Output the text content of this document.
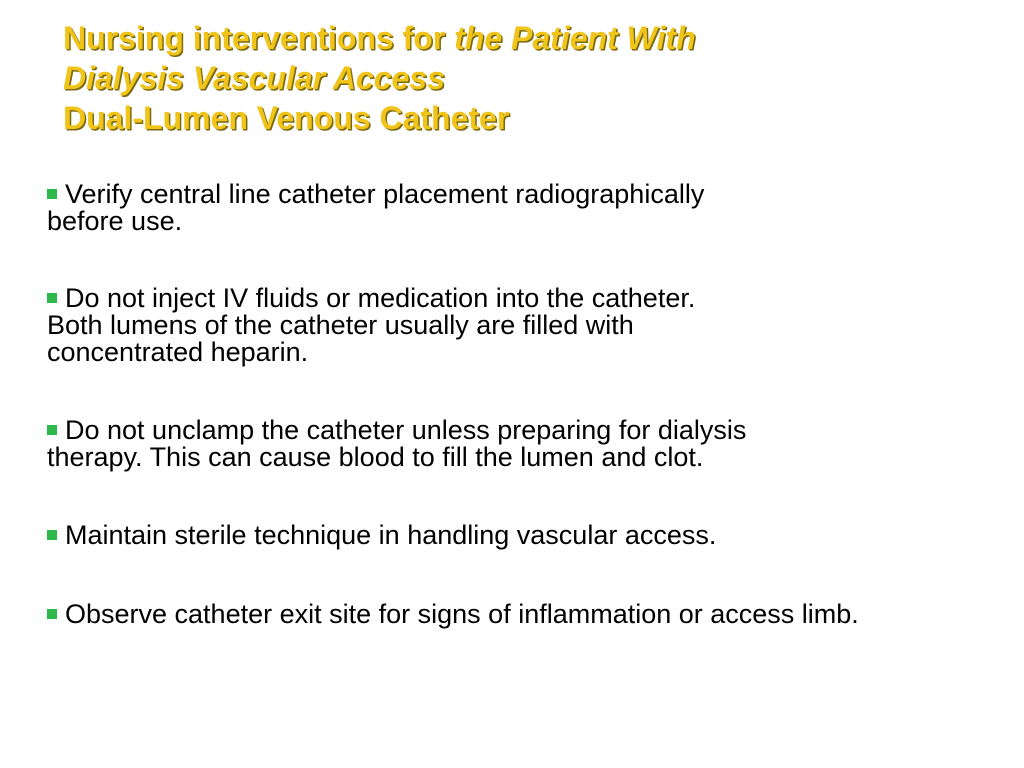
Nursing interventions for the Patient With
Dialysis Vascular Access
Dual-Lumen Venous Catheter
Verify central line catheter placement radiographically
before use.
Do not inject IV fluids or medication into the catheter.
Both lumens of the catheter usually are filled with
concentrated heparin.
Do not unclamp the catheter unless preparing for dialysis
therapy. This can cause blood to fill the lumen and clot.
Maintain sterile technique in handling vascular access.
Observe catheter exit site for signs of inflammation or access limb.
